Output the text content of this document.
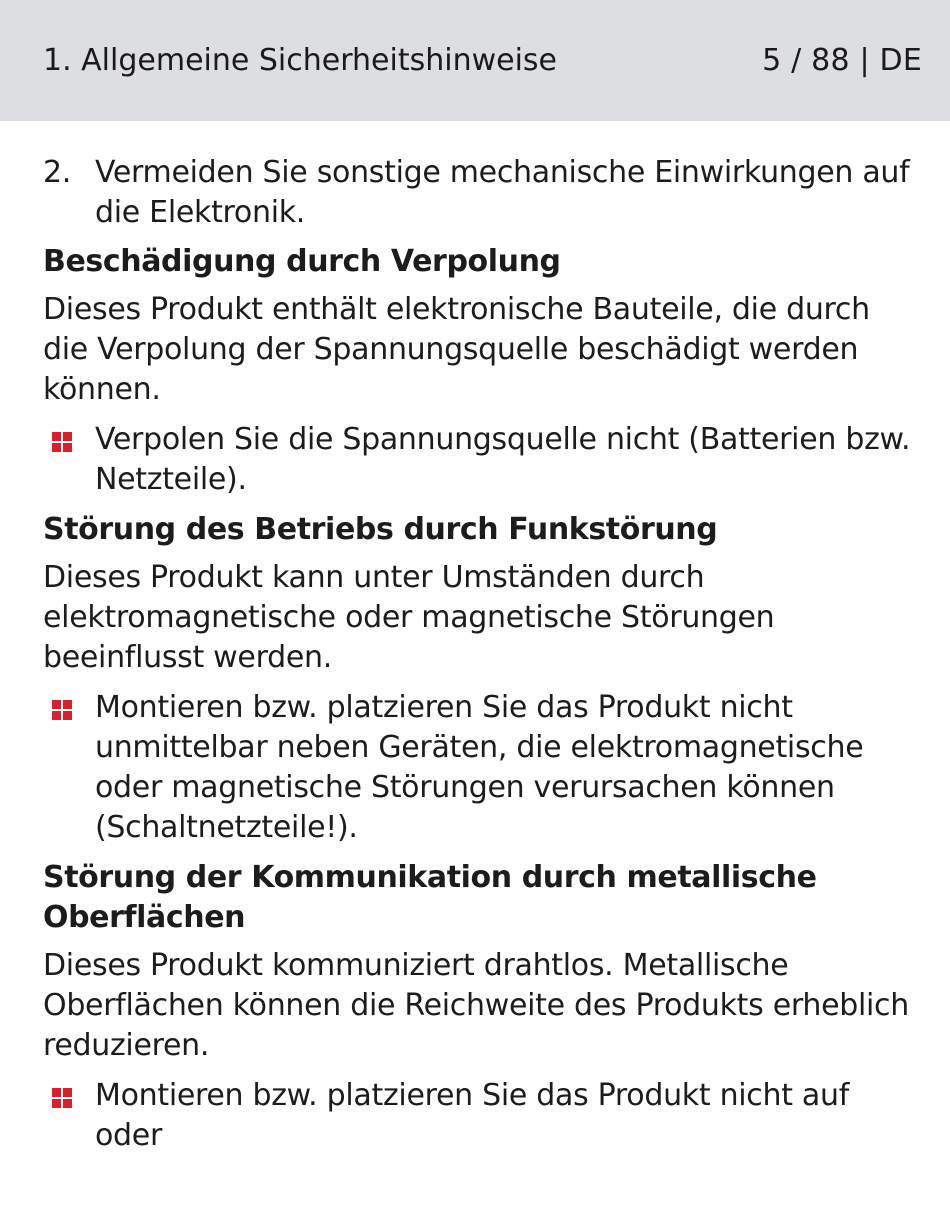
1. Allgemeine Sicherheitshinweise	5 / 88 | DE
2. Vermeiden Sie sonstige mechanische Einwirkungen auf die Elektronik.
Beschädigung durch Verpolung

Dieses Produkt enthält elektronische Bauteile, die durch die Verpolung der Spannungsquelle beschädigt werden können.

Verpolen Sie die Spannungsquelle nicht (Batterien bzw. Netzteile).
Störung des Betriebs durch Funkstörung

Dieses Produkt kann unter Umständen durch elektromagnetische oder magnetische Störungen beeinflusst werden.

Montieren bzw. platzieren Sie das Produkt nicht unmittelbar neben Geräten, die elektromagnetische oder magnetische Störungen verursachen können (Schaltnetzteile!).
Störung der Kommunikation durch metallische Oberflächen

Dieses Produkt kommuniziert drahtlos. Metallische Oberflächen können die Reichweite des Produkts erheblich reduzieren.

Montieren bzw. platzieren Sie das Produkt nicht auf oder
